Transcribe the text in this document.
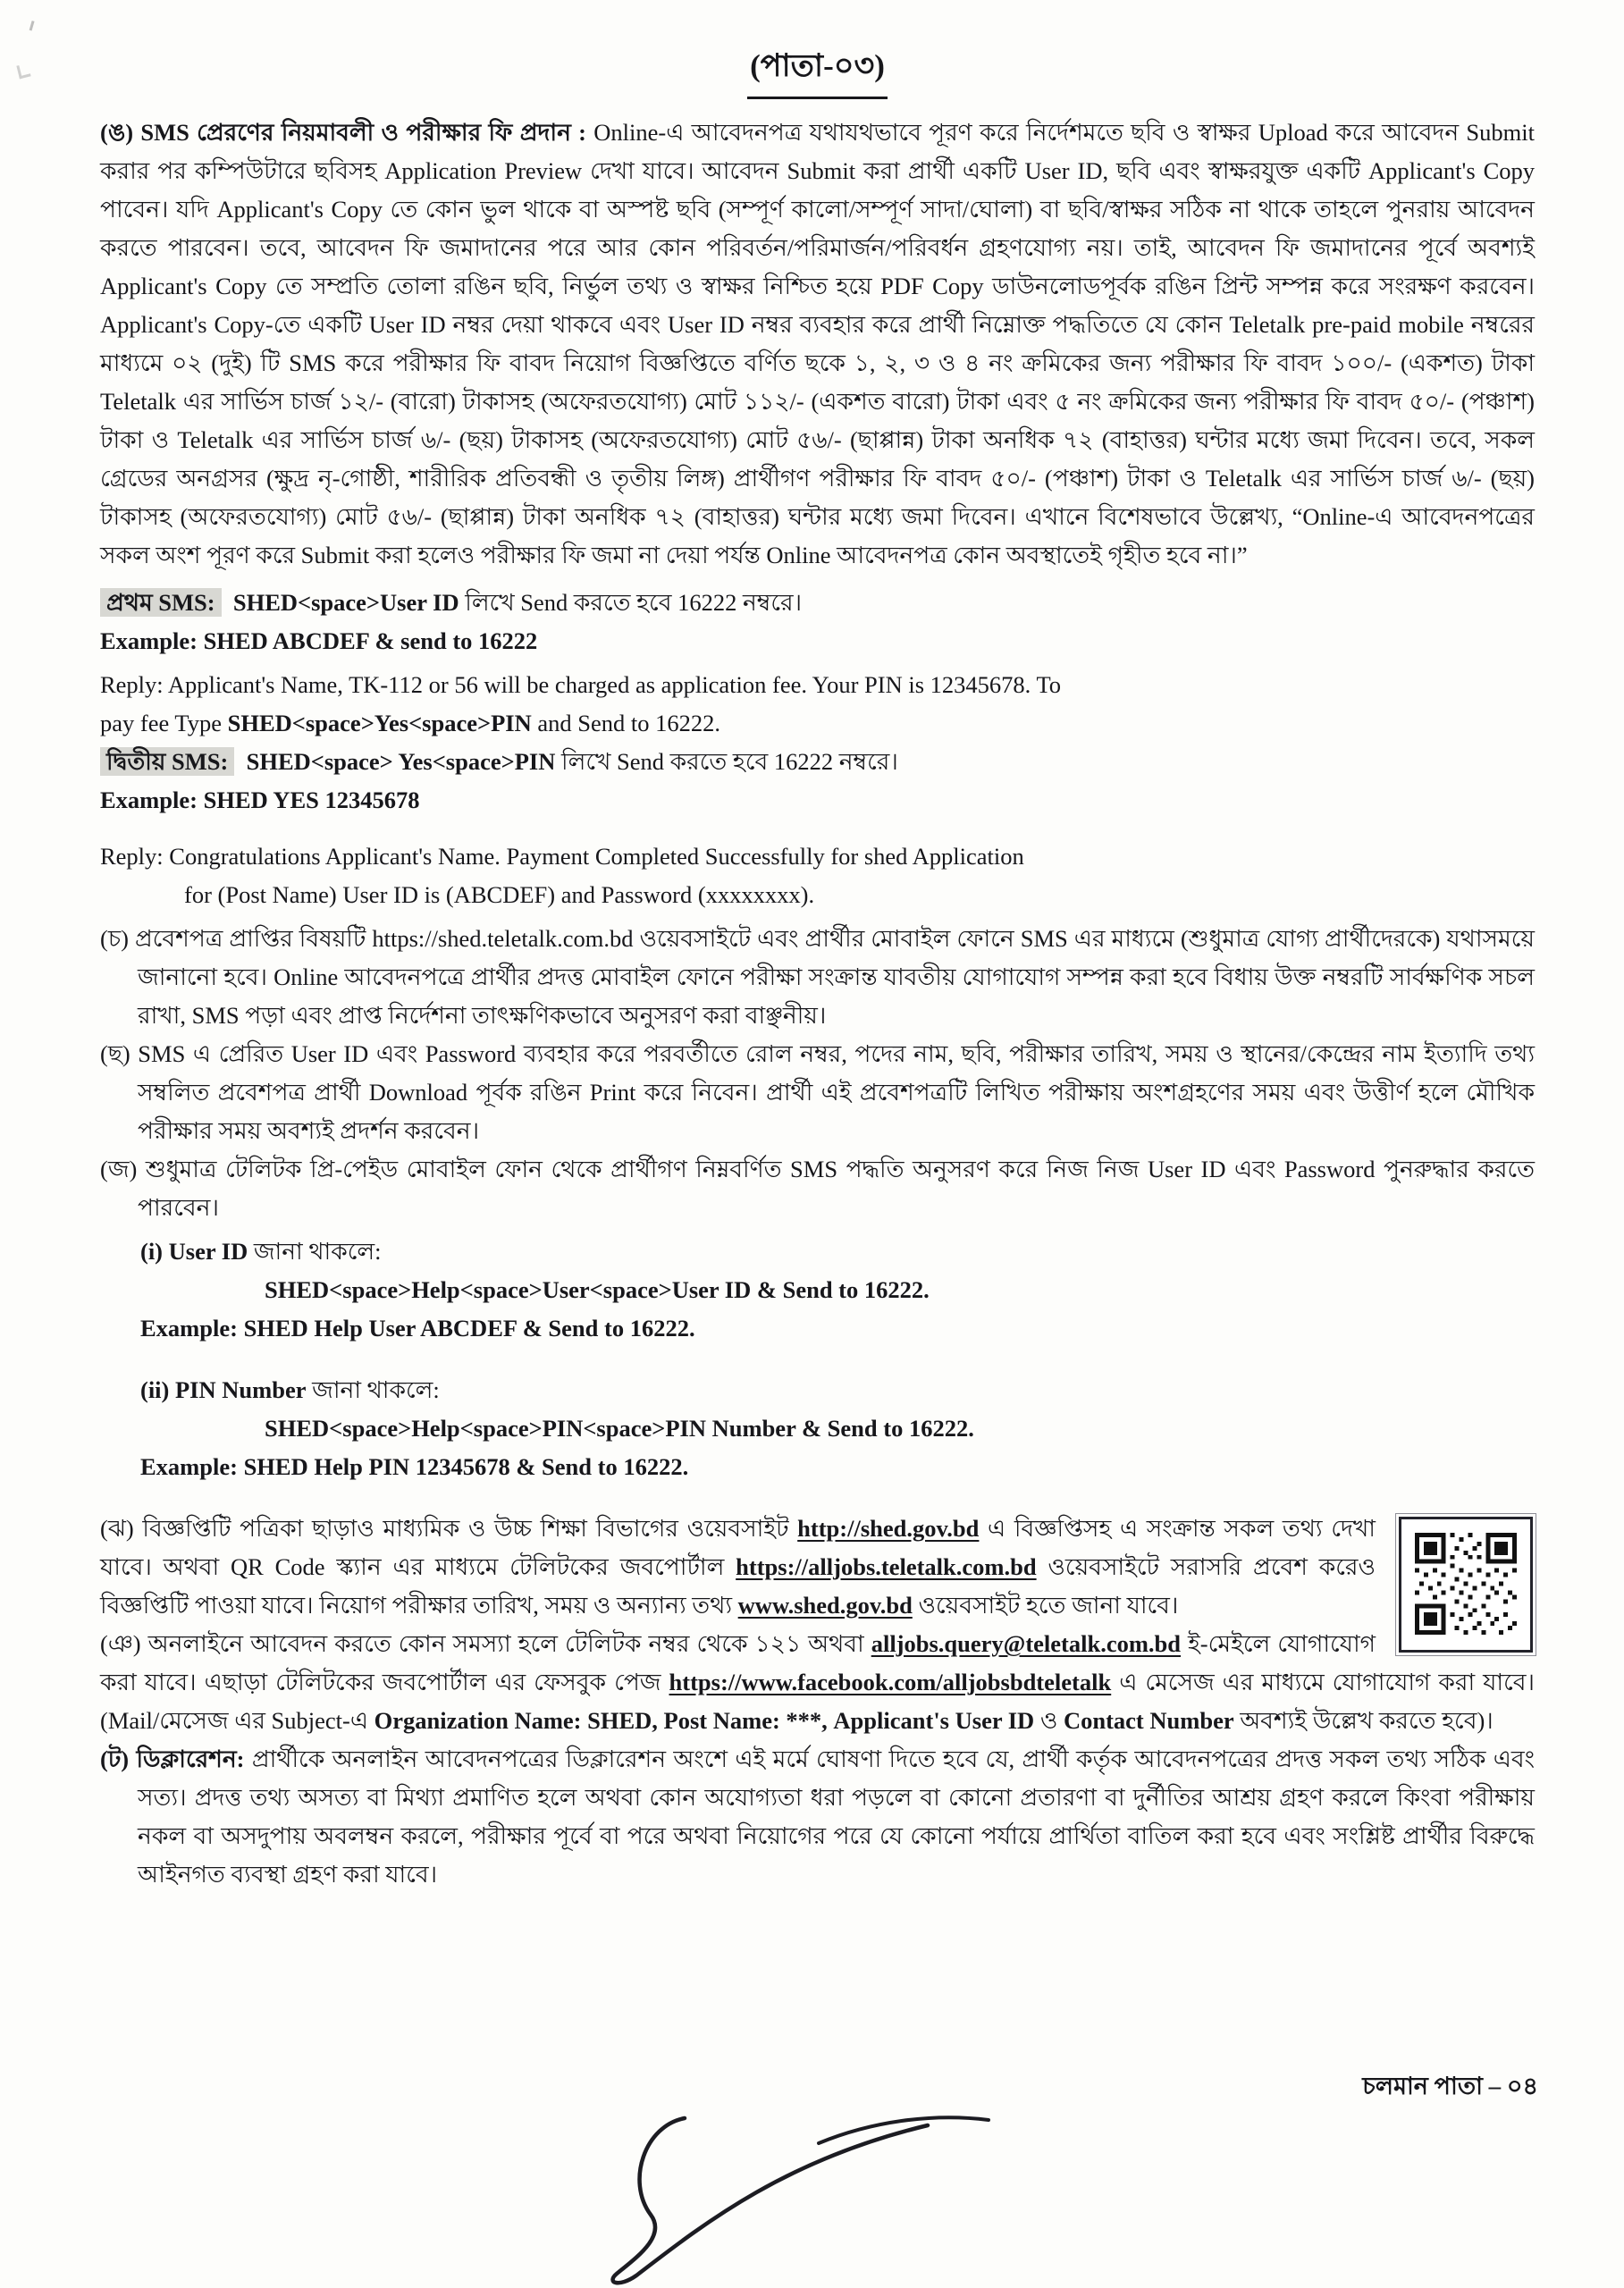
(পাতা-০৩)

(ঙ) SMS প্রেরণের নিয়মাবলী ও পরীক্ষার ফি প্রদান : Online-এ আবেদনপত্র যথাযথভাবে পূরণ করে নির্দেশমতে ছবি ও স্বাক্ষর Upload করে আবেদন Submit করার পর কম্পিউটারে ছবিসহ Application Preview দেখা যাবে। আবেদন Submit করা প্রার্থী একটি User ID, ছবি এবং স্বাক্ষরযুক্ত একটি Applicant's Copy পাবেন। যদি Applicant's Copy তে কোন ভুল থাকে বা অস্পষ্ট ছবি (সম্পূর্ণ কালো/সম্পূর্ণ সাদা/ঘোলা) বা ছবি/স্বাক্ষর সঠিক না থাকে তাহলে পুনরায় আবেদন করতে পারবেন। তবে, আবেদন ফি জমাদানের পরে আর কোন পরিবর্তন/পরিমার্জন/পরিবর্ধন গ্রহণযোগ্য নয়। তাই, আবেদন ফি জমাদানের পূর্বে অবশ্যই Applicant's Copy তে সম্প্রতি তোলা রঙিন ছবি, নির্ভুল তথ্য ও স্বাক্ষর নিশ্চিত হয়ে PDF Copy ডাউনলোডপূর্বক রঙিন প্রিন্ট সম্পন্ন করে সংরক্ষণ করবেন। Applicant's Copy-তে একটি User ID নম্বর দেয়া থাকবে এবং User ID নম্বর ব্যবহার করে প্রার্থী নিম্নোক্ত পদ্ধতিতে যে কোন Teletalk pre-paid mobile নম্বরের মাধ্যমে ০২ (দুই) টি SMS করে পরীক্ষার ফি বাবদ নিয়োগ বিজ্ঞপ্তিতে বর্ণিত ছকে ১, ২, ৩ ও ৪ নং ক্রমিকের জন্য পরীক্ষার ফি বাবদ ১০০/- (একশত) টাকা Teletalk এর সার্ভিস চার্জ ১২/- (বারো) টাকাসহ (অফেরতযোগ্য) মোট ১১২/- (একশত বারো) টাকা এবং ৫ নং ক্রমিকের জন্য পরীক্ষার ফি বাবদ ৫০/- (পঞ্চাশ) টাকা ও Teletalk এর সার্ভিস চার্জ ৬/- (ছয়) টাকাসহ (অফেরতযোগ্য) মোট ৫৬/- (ছাপ্পান্ন) টাকা অনধিক ৭২ (বাহাত্তর) ঘন্টার মধ্যে জমা দিবেন। তবে, সকল গ্রেডের অনগ্রসর (ক্ষুদ্র নৃ-গোষ্ঠী, শারীরিক প্রতিবন্ধী ও তৃতীয় লিঙ্গ) প্রার্থীগণ পরীক্ষার ফি বাবদ ৫০/- (পঞ্চাশ) টাকা ও Teletalk এর সার্ভিস চার্জ ৬/- (ছয়) টাকাসহ (অফেরতযোগ্য) মোট ৫৬/- (ছাপ্পান্ন) টাকা অনধিক ৭২ (বাহাত্তর) ঘন্টার মধ্যে জমা দিবেন। এখানে বিশেষভাবে উল্লেখ্য, “Online-এ আবেদনপত্রের সকল অংশ পূরণ করে Submit করা হলেও পরীক্ষার ফি জমা না দেয়া পর্যন্ত Online আবেদনপত্র কোন অবস্থাতেই গৃহীত হবে না।”

প্রথম SMS: SHED<space>User ID লিখে Send করতে হবে 16222 নম্বরে।
Example: SHED ABCDEF & send to 16222
Reply: Applicant's Name, TK-112 or 56 will be charged as application fee. Your PIN is 12345678. To
pay fee Type SHED<space>Yes<space>PIN and Send to 16222.
দ্বিতীয় SMS: SHED<space> Yes<space>PIN লিখে Send করতে হবে 16222 নম্বরে।
Example: SHED YES 12345678
Reply: Congratulations Applicant's Name. Payment Completed Successfully for shed Application
for (Post Name) User ID is (ABCDEF) and Password (xxxxxxxx).

(চ) প্রবেশপত্র প্রাপ্তির বিষয়টি https://shed.teletalk.com.bd ওয়েবসাইটে এবং প্রার্থীর মোবাইল ফোনে SMS এর মাধ্যমে (শুধুমাত্র যোগ্য প্রার্থীদেরকে) যথাসময়ে জানানো হবে। Online আবেদনপত্রে প্রার্থীর প্রদত্ত মোবাইল ফোনে পরীক্ষা সংক্রান্ত যাবতীয় যোগাযোগ সম্পন্ন করা হবে বিধায় উক্ত নম্বরটি সার্বক্ষণিক সচল রাখা, SMS পড়া এবং প্রাপ্ত নির্দেশনা তাৎক্ষণিকভাবে অনুসরণ করা বাঞ্ছনীয়।

(ছ) SMS এ প্রেরিত User ID এবং Password ব্যবহার করে পরবর্তীতে রোল নম্বর, পদের নাম, ছবি, পরীক্ষার তারিখ, সময় ও স্থানের/কেন্দ্রের নাম ইত্যাদি তথ্য সম্বলিত প্রবেশপত্র প্রার্থী Download পূর্বক রঙিন Print করে নিবেন। প্রার্থী এই প্রবেশপত্রটি লিখিত পরীক্ষায় অংশগ্রহণের সময় এবং উত্তীর্ণ হলে মৌখিক পরীক্ষার সময় অবশ্যই প্রদর্শন করবেন।

(জ) শুধুমাত্র টেলিটক প্রি-পেইড মোবাইল ফোন থেকে প্রার্থীগণ নিম্নবর্ণিত SMS পদ্ধতি অনুসরণ করে নিজ নিজ User ID এবং Password পুনরুদ্ধার করতে পারবেন।

(i) User ID জানা থাকলে:
SHED<space>Help<space>User<space>User ID & Send to 16222.
Example: SHED Help User ABCDEF & Send to 16222.
(ii) PIN Number জানা থাকলে:
SHED<space>Help<space>PIN<space>PIN Number & Send to 16222.
Example: SHED Help PIN 12345678 & Send to 16222.

(ঝ) বিজ্ঞপ্তিটি পত্রিকা ছাড়াও মাধ্যমিক ও উচ্চ শিক্ষা বিভাগের ওয়েবসাইট http://shed.gov.bd এ বিজ্ঞপ্তিসহ এ সংক্রান্ত সকল তথ্য দেখা যাবে। অথবা QR Code স্ক্যান এর মাধ্যমে টেলিটকের জবপোর্টাল https://alljobs.teletalk.com.bd ওয়েবসাইটে সরাসরি প্রবেশ করেও বিজ্ঞপ্তিটি পাওয়া যাবে। নিয়োগ পরীক্ষার তারিখ, সময় ও অন্যান্য তথ্য www.shed.gov.bd ওয়েবসাইট হতে জানা যাবে।

(ঞ) অনলাইনে আবেদন করতে কোন সমস্যা হলে টেলিটক নম্বর থেকে ১২১ অথবা alljobs.query@teletalk.com.bd ই-মেইলে যোগাযোগ করা যাবে। এছাড়া টেলিটকের জবপোর্টাল এর ফেসবুক পেজ https://www.facebook.com/alljobsbdteletalk এ মেসেজ এর মাধ্যমে যোগাযোগ করা যাবে। (Mail/মেসেজ এর Subject-এ Organization Name: SHED, Post Name: ***, Applicant's User ID ও Contact Number অবশ্যই উল্লেখ করতে হবে)।

(ট) ডিক্লারেশন: প্রার্থীকে অনলাইন আবেদনপত্রের ডিক্লারেশন অংশে এই মর্মে ঘোষণা দিতে হবে যে, প্রার্থী কর্তৃক আবেদনপত্রের প্রদত্ত সকল তথ্য সঠিক এবং সত্য। প্রদত্ত তথ্য অসত্য বা মিথ্যা প্রমাণিত হলে অথবা কোন অযোগ্যতা ধরা পড়লে বা কোনো প্রতারণা বা দুর্নীতির আশ্রয় গ্রহণ করলে কিংবা পরীক্ষায় নকল বা অসদুপায় অবলম্বন করলে, পরীক্ষার পূর্বে বা পরে অথবা নিয়োগের পরে যে কোনো পর্যায়ে প্রার্থিতা বাতিল করা হবে এবং সংশ্লিষ্ট প্রার্থীর বিরুদ্ধে আইনগত ব্যবস্থা গ্রহণ করা যাবে।

চলমান পাতা – ০৪
